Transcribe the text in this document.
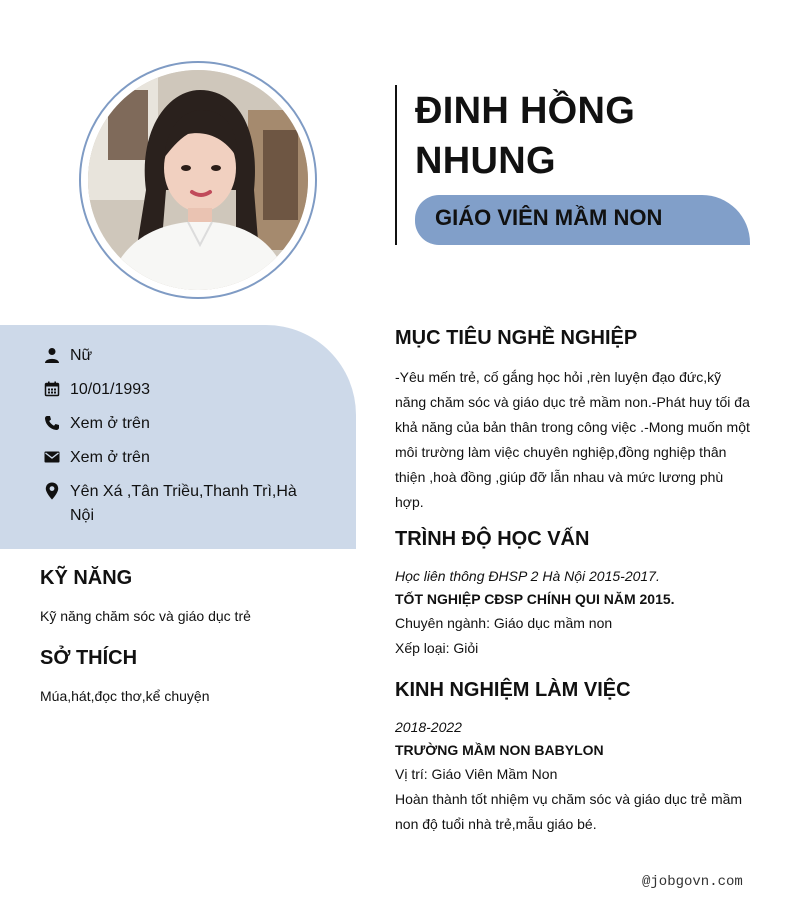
ĐINH HỒNG
NHUNG
GIÁO VIÊN MẦM NON
Nữ
10/01/1993
Xem ở trên
Xem ở trên
Yên Xá ,Tân Triều,Thanh Trì,Hà Nội
KỸ NĂNG
Kỹ năng chăm sóc và giáo dục trẻ
SỞ THÍCH
Múa,hát,đọc thơ,kể chuyện
MỤC TIÊU NGHỀ NGHIỆP
-Yêu mến trẻ, cố gắng học hỏi ,rèn luyện đạo đức,kỹ năng chăm sóc và giáo dục trẻ mầm non.-Phát huy tối đa khả năng của bản thân trong công việc .-Mong muốn một môi trường làm việc chuyên nghiệp,đồng nghiệp thân thiện ,hoà đồng ,giúp đỡ lẫn nhau và mức lương phù hợp.
TRÌNH ĐỘ HỌC VẤN
Học liên thông ĐHSP 2 Hà Nội 2015-2017.
TỐT NGHIỆP CĐSP CHÍNH QUI NĂM 2015.
Chuyên ngành: Giáo dục mầm non
Xếp loại: Giỏi
KINH NGHIỆM LÀM VIỆC
2018-2022
TRƯỜNG MẦM NON BABYLON
Vị trí: Giáo Viên Mầm Non
Hoàn thành tốt nhiệm vụ chăm sóc và giáo dục trẻ mầm non độ tuổi nhà trẻ,mẫu giáo bé.
@jobgovn.com
